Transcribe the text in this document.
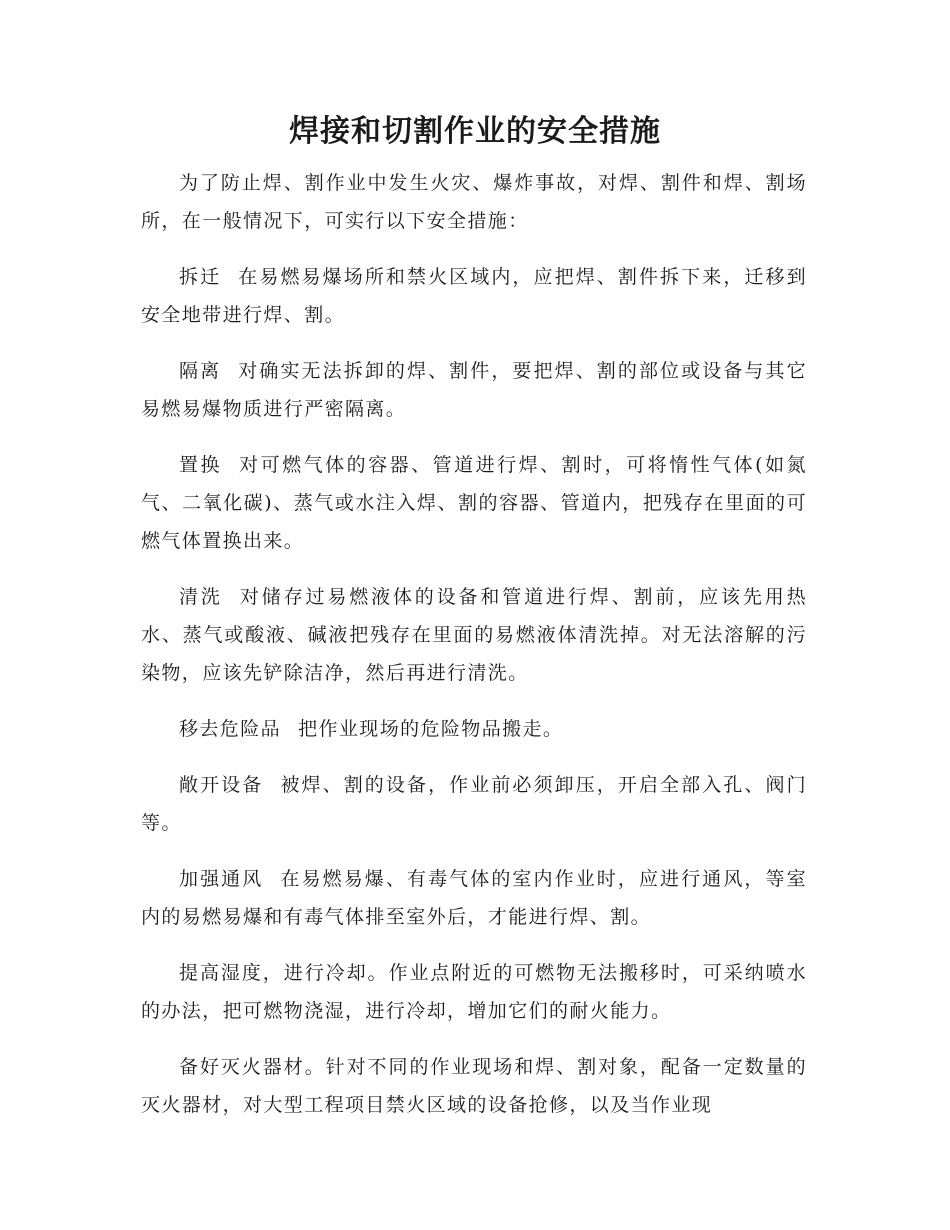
焊接和切割作业的安全措施

为了防止焊、割作业中发生火灾、爆炸事故，对焊、割件和焊、割场所，在一般情况下，可实行以下安全措施：

拆迁 在易燃易爆场所和禁火区域内，应把焊、割件拆下来，迁移到安全地带进行焊、割。

隔离 对确实无法拆卸的焊、割件，要把焊、割的部位或设备与其它易燃易爆物质进行严密隔离。

置换 对可燃气体的容器、管道进行焊、割时，可将惰性气体(如氮气、二氧化碳)、蒸气或水注入焊、割的容器、管道内，把残存在里面的可燃气体置换出来。

清洗 对储存过易燃液体的设备和管道进行焊、割前，应该先用热水、蒸气或酸液、碱液把残存在里面的易燃液体清洗掉。对无法溶解的污染物，应该先铲除洁净，然后再进行清洗。

移去危险品 把作业现场的危险物品搬走。

敞开设备 被焊、割的设备，作业前必须卸压，开启全部入孔、阀门等。

加强通风 在易燃易爆、有毒气体的室内作业时，应进行通风，等室内的易燃易爆和有毒气体排至室外后，才能进行焊、割。

提高湿度，进行冷却。作业点附近的可燃物无法搬移时，可采纳喷水的办法，把可燃物浇湿，进行冷却，增加它们的耐火能力。

备好灭火器材。针对不同的作业现场和焊、割对象，配备一定数量的灭火器材，对大型工程项目禁火区域的设备抢修，以及当作业现
